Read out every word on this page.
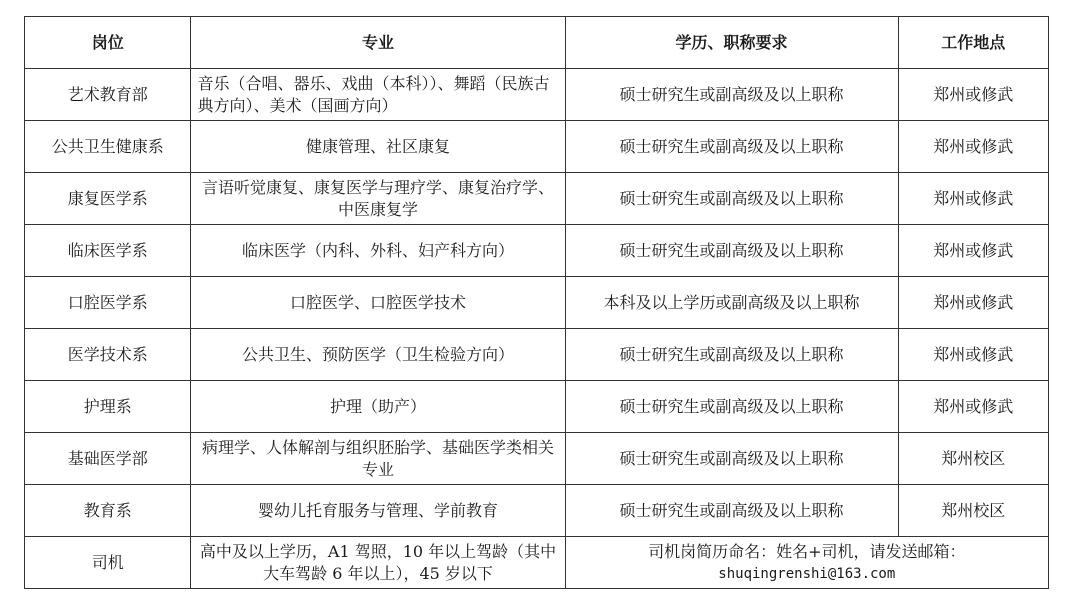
岗位	专业	学历、职称要求	工作地点
艺术教育部	音乐（合唱、器乐、戏曲（本科））、舞蹈（民族古典方向）、美术（国画方向）	硕士研究生或副高级及以上职称	郑州或修武
公共卫生健康系	健康管理、社区康复	硕士研究生或副高级及以上职称	郑州或修武
康复医学系	言语听觉康复、康复医学与理疗学、康复治疗学、中医康复学	硕士研究生或副高级及以上职称	郑州或修武
临床医学系	临床医学（内科、外科、妇产科方向）	硕士研究生或副高级及以上职称	郑州或修武
口腔医学系	口腔医学、口腔医学技术	本科及以上学历或副高级及以上职称	郑州或修武
医学技术系	公共卫生、预防医学（卫生检验方向）	硕士研究生或副高级及以上职称	郑州或修武
护理系	护理（助产）	硕士研究生或副高级及以上职称	郑州或修武
基础医学部	病理学、人体解剖与组织胚胎学、基础医学类相关专业	硕士研究生或副高级及以上职称	郑州校区
教育系	婴幼儿托育服务与管理、学前教育	硕士研究生或副高级及以上职称	郑州校区
司机	高中及以上学历，A1 驾照，10 年以上驾龄（其中大车驾龄 6 年以上），45 岁以下	司机岗简历命名：姓名+司机，请发送邮箱：
shuqingrenshi@163.com	
